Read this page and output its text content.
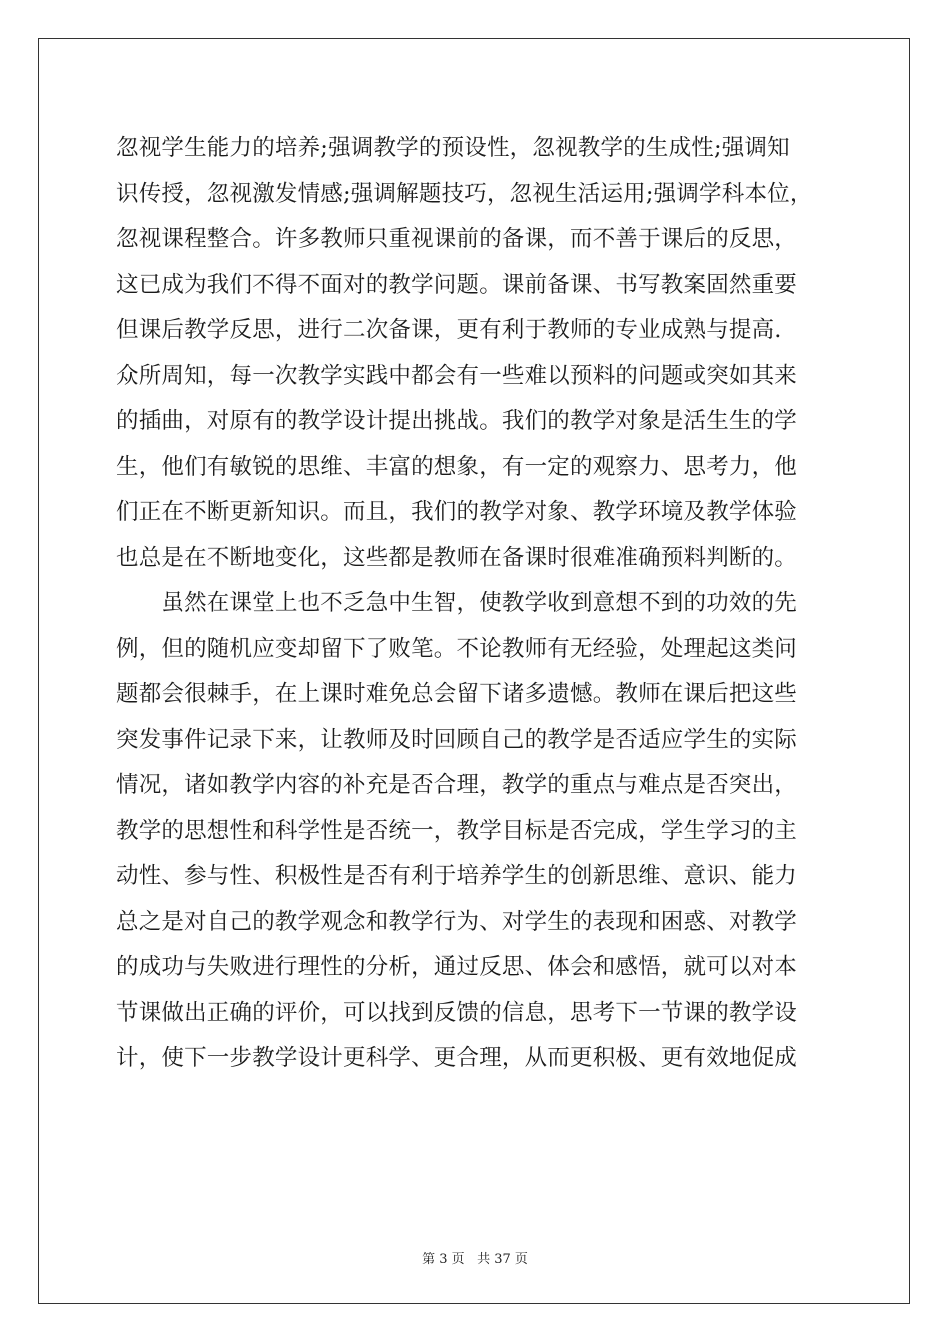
忽视学生能力的培养;强调教学的预设性，忽视教学的生成性;强调知
识传授，忽视激发情感;强调解题技巧，忽视生活运用;强调学科本位，
忽视课程整合。许多教师只重视课前的备课，而不善于课后的反思，
这已成为我们不得不面对的教学问题。课前备课、书写教案固然重要
但课后教学反思，进行二次备课，更有利于教师的专业成熟与提高.
众所周知，每一次教学实践中都会有一些难以预料的问题或突如其来
的插曲，对原有的教学设计提出挑战。我们的教学对象是活生生的学
生，他们有敏锐的思维、丰富的想象，有一定的观察力、思考力，他
们正在不断更新知识。而且，我们的教学对象、教学环境及教学体验
也总是在不断地变化，这些都是教师在备课时很难准确预料判断的。
　　虽然在课堂上也不乏急中生智，使教学收到意想不到的功效的先
例，但的随机应变却留下了败笔。不论教师有无经验，处理起这类问
题都会很棘手，在上课时难免总会留下诸多遗憾。教师在课后把这些
突发事件记录下来，让教师及时回顾自己的教学是否适应学生的实际
情况，诸如教学内容的补充是否合理，教学的重点与难点是否突出，
教学的思想性和科学性是否统一，教学目标是否完成，学生学习的主
动性、参与性、积极性是否有利于培养学生的创新思维、意识、能力
总之是对自己的教学观念和教学行为、对学生的表现和困惑、对教学
的成功与失败进行理性的分析，通过反思、体会和感悟，就可以对本
节课做出正确的评价，可以找到反馈的信息，思考下一节课的教学设
计，使下一步教学设计更科学、更合理，从而更积极、更有效地促成
第 3 页 共 37 页
